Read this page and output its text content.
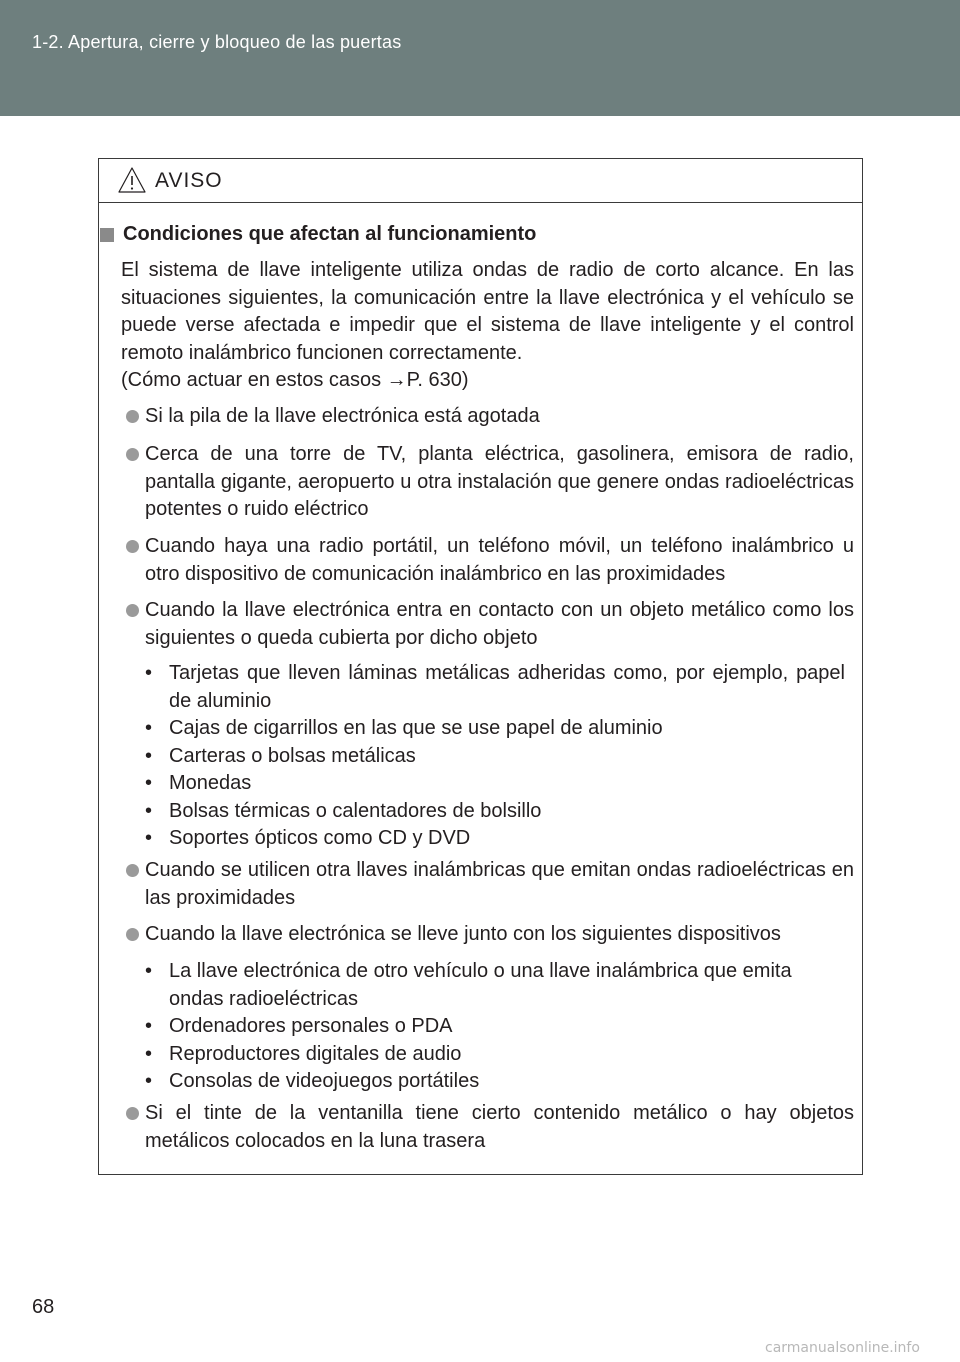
1-2. Apertura, cierre y bloqueo de las puertas
AVISO
Condiciones que afectan al funcionamiento

El sistema de llave inteligente utiliza ondas de radio de corto alcance. En las situaciones siguientes, la comunicación entre la llave electrónica y el vehículo se puede verse afectada e impedir que el sistema de llave inteligente y el control remoto inalámbrico funcionen correctamente.

(Cómo actuar en estos casos →P. 630)

Si la pila de la llave electrónica está agotada
Cerca de una torre de TV, planta eléctrica, gasolinera, emisora de radio, pantalla gigante, aeropuerto u otra instalación que genere ondas radioeléctricas potentes o ruido eléctrico
Cuando haya una radio portátil, un teléfono móvil, un teléfono inalámbrico u otro dispositivo de comunicación inalámbrico en las proximidades
Cuando la llave electrónica entra en contacto con un objeto metálico como los siguientes o queda cubierta por dicho objeto
• Tarjetas que lleven láminas metálicas adheridas como, por ejemplo, papel de aluminio
• Cajas de cigarrillos en las que se use papel de aluminio
• Carteras o bolsas metálicas
• Monedas
• Bolsas térmicas o calentadores de bolsillo
• Soportes ópticos como CD y DVD
Cuando se utilicen otra llaves inalámbricas que emitan ondas radioeléctricas en las proximidades
Cuando la llave electrónica se lleve junto con los siguientes dispositivos
• La llave electrónica de otro vehículo o una llave inalámbrica que emita ondas radioeléctricas
• Ordenadores personales o PDA
• Reproductores digitales de audio
• Consolas de videojuegos portátiles
Si el tinte de la ventanilla tiene cierto contenido metálico o hay objetos metálicos colocados en la luna trasera
68
carmanualsonline.info
